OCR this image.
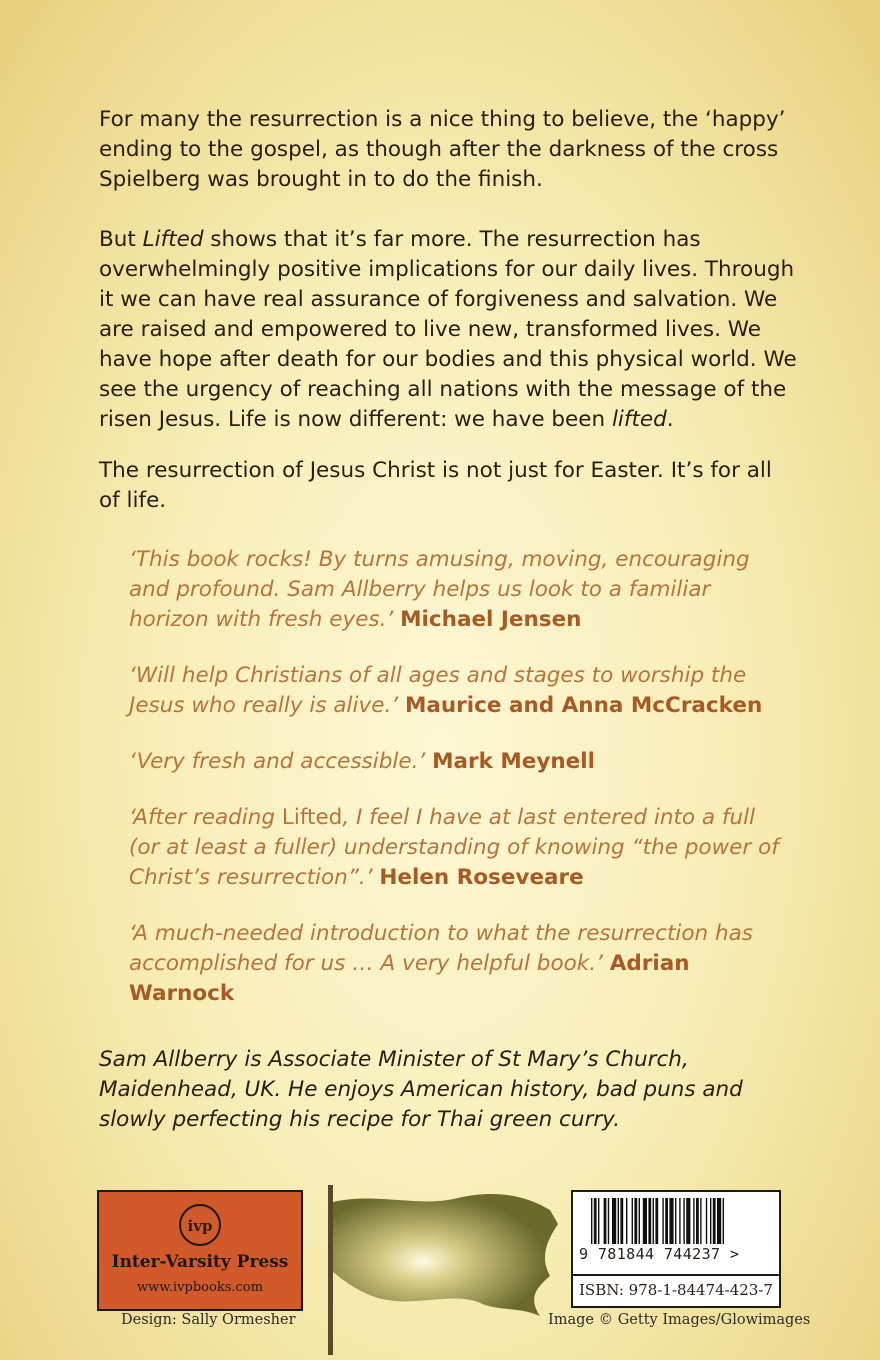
For many the resurrection is a nice thing to believe, the ‘happy’ ending to the gospel, as though after the darkness of the cross Spielberg was brought in to do the finish.

But Lifted shows that it’s far more. The resurrection has overwhelmingly positive implications for our daily lives. Through it we can have real assurance of forgiveness and salvation. We are raised and empowered to live new, transformed lives. We have hope after death for our bodies and this physical world. We see the urgency of reaching all nations with the message of the risen Jesus. Life is now different: we have been lifted.

The resurrection of Jesus Christ is not just for Easter. It’s for all of life.

‘This book rocks! By turns amusing, moving, encouraging and profound. Sam Allberry helps us look to a familiar horizon with fresh eyes.’ Michael Jensen

‘Will help Christians of all ages and stages to worship the Jesus who really is alive.’ Maurice and Anna McCracken

‘Very fresh and accessible.’ Mark Meynell

‘After reading Lifted, I feel I have at last entered into a full (or at least a fuller) understanding of knowing “the power of Christ’s resurrection”.’ Helen Roseveare

‘A much-needed introduction to what the resurrection has accomplished for us … A very helpful book.’ Adrian Warnock

Sam Allberry is Associate Minister of St Mary’s Church, Maidenhead, UK. He enjoys American history, bad puns and slowly perfecting his recipe for Thai green curry.

ivp
Inter-Varsity Press
www.ivpbooks.com
9 781844 744237 >
ISBN: 978-1-84474-423-7
Design: Sally Ormesher	Image © Getty Images/Glowimages
